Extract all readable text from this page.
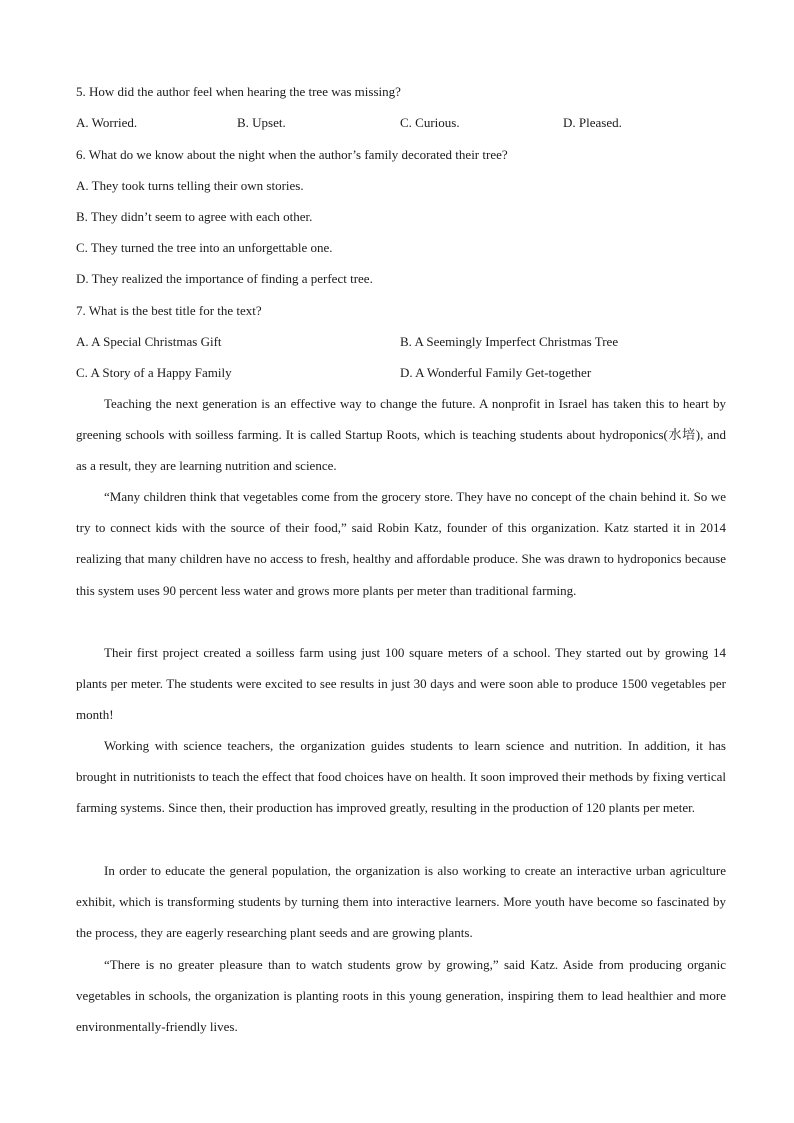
5. How did the author feel when hearing the tree was missing?
A. Worried.	B. Upset.	C. Curious.	D. Pleased.
6. What do we know about the night when the author’s family decorated their tree?
A. They took turns telling their own stories.
B. They didn’t seem to agree with each other.
C. They turned the tree into an unforgettable one.
D. They realized the importance of finding a perfect tree.
7. What is the best title for the text?
A. A Special Christmas Gift	B. A Seemingly Imperfect Christmas Tree
C. A Story of a Happy Family	D. A Wonderful Family Get-together
Teaching the next generation is an effective way to change the future. A nonprofit in Israel has taken this to heart by greening schools with soilless farming. It is called Startup Roots, which is teaching students about hydroponics(水培), and as a result, they are learning nutrition and science.
“Many children think that vegetables come from the grocery store. They have no concept of the chain behind it. So we try to connect kids with the source of their food,” said Robin Katz, founder of this organization. Katz started it in 2014 realizing that many children have no access to fresh, healthy and affordable produce. She was drawn to hydroponics because this system uses 90 percent less water and grows more plants per meter than traditional farming.
Their first project created a soilless farm using just 100 square meters of a school. They started out by growing 14 plants per meter. The students were excited to see results in just 30 days and were soon able to produce 1500 vegetables per month!
Working with science teachers, the organization guides students to learn science and nutrition. In addition, it has brought in nutritionists to teach the effect that food choices have on health. It soon improved their methods by fixing vertical farming systems. Since then, their production has improved greatly, resulting in the production of 120 plants per meter.
In order to educate the general population, the organization is also working to create an interactive urban agriculture exhibit, which is transforming students by turning them into interactive learners. More youth have become so fascinated by the process, they are eagerly researching plant seeds and are growing plants.
“There is no greater pleasure than to watch students grow by growing,” said Katz. Aside from producing organic vegetables in schools, the organization is planting roots in this young generation, inspiring them to lead healthier and more environmentally-friendly lives.
